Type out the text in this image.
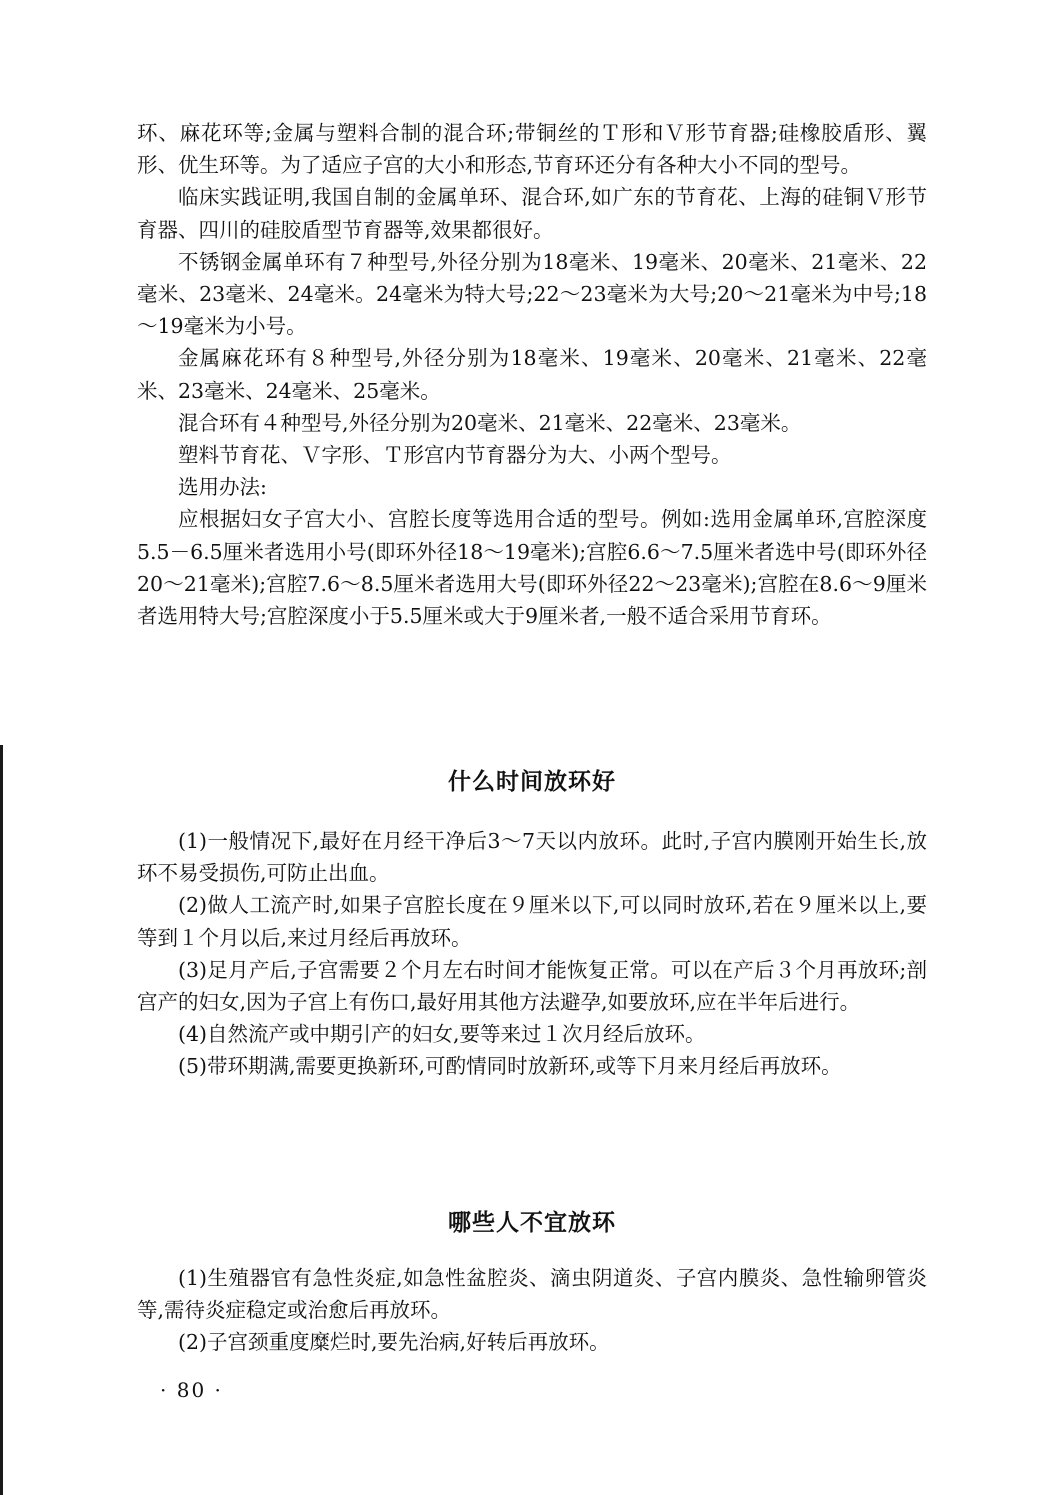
环、麻花环等;金属与塑料合制的混合环;带铜丝的Ｔ形和Ｖ形节育器;硅橡胶盾形、翼形、优生环等。为了适应子宫的大小和形态,节育环还分有各种大小不同的型号。

临床实践证明,我国自制的金属单环、混合环,如广东的节育花、上海的硅铜Ｖ形节育器、四川的硅胶盾型节育器等,效果都很好。

不锈钢金属单环有７种型号,外径分别为18毫米、19毫米、20毫米、21毫米、22毫米、23毫米、24毫米。24毫米为特大号;22～23毫米为大号;20～21毫米为中号;18～19毫米为小号。

金属麻花环有８种型号,外径分别为18毫米、19毫米、20毫米、21毫米、22毫米、23毫米、24毫米、25毫米。

混合环有４种型号,外径分别为20毫米、21毫米、22毫米、23毫米。

塑料节育花、Ｖ字形、Ｔ形宫内节育器分为大、小两个型号。

选用办法:

应根据妇女子宫大小、宫腔长度等选用合适的型号。例如:选用金属单环,宫腔深度5.5－6.5厘米者选用小号(即环外径18～19毫米);宫腔6.6～7.5厘米者选中号(即环外径20～21毫米);宫腔7.6～8.5厘米者选用大号(即环外径22～23毫米);宫腔在8.6～9厘米者选用特大号;宫腔深度小于5.5厘米或大于9厘米者,一般不适合采用节育环。

什么时间放环好

(1)一般情况下,最好在月经干净后3～7天以内放环。此时,子宫内膜刚开始生长,放环不易受损伤,可防止出血。

(2)做人工流产时,如果子宫腔长度在９厘米以下,可以同时放环,若在９厘米以上,要等到１个月以后,来过月经后再放环。

(3)足月产后,子宫需要２个月左右时间才能恢复正常。可以在产后３个月再放环;剖宫产的妇女,因为子宫上有伤口,最好用其他方法避孕,如要放环,应在半年后进行。

(4)自然流产或中期引产的妇女,要等来过１次月经后放环。

(5)带环期满,需要更换新环,可酌情同时放新环,或等下月来月经后再放环。

哪些人不宜放环

(1)生殖器官有急性炎症,如急性盆腔炎、滴虫阴道炎、子宫内膜炎、急性输卵管炎等,需待炎症稳定或治愈后再放环。

(2)子宫颈重度糜烂时,要先治病,好转后再放环。

· 80 ·
